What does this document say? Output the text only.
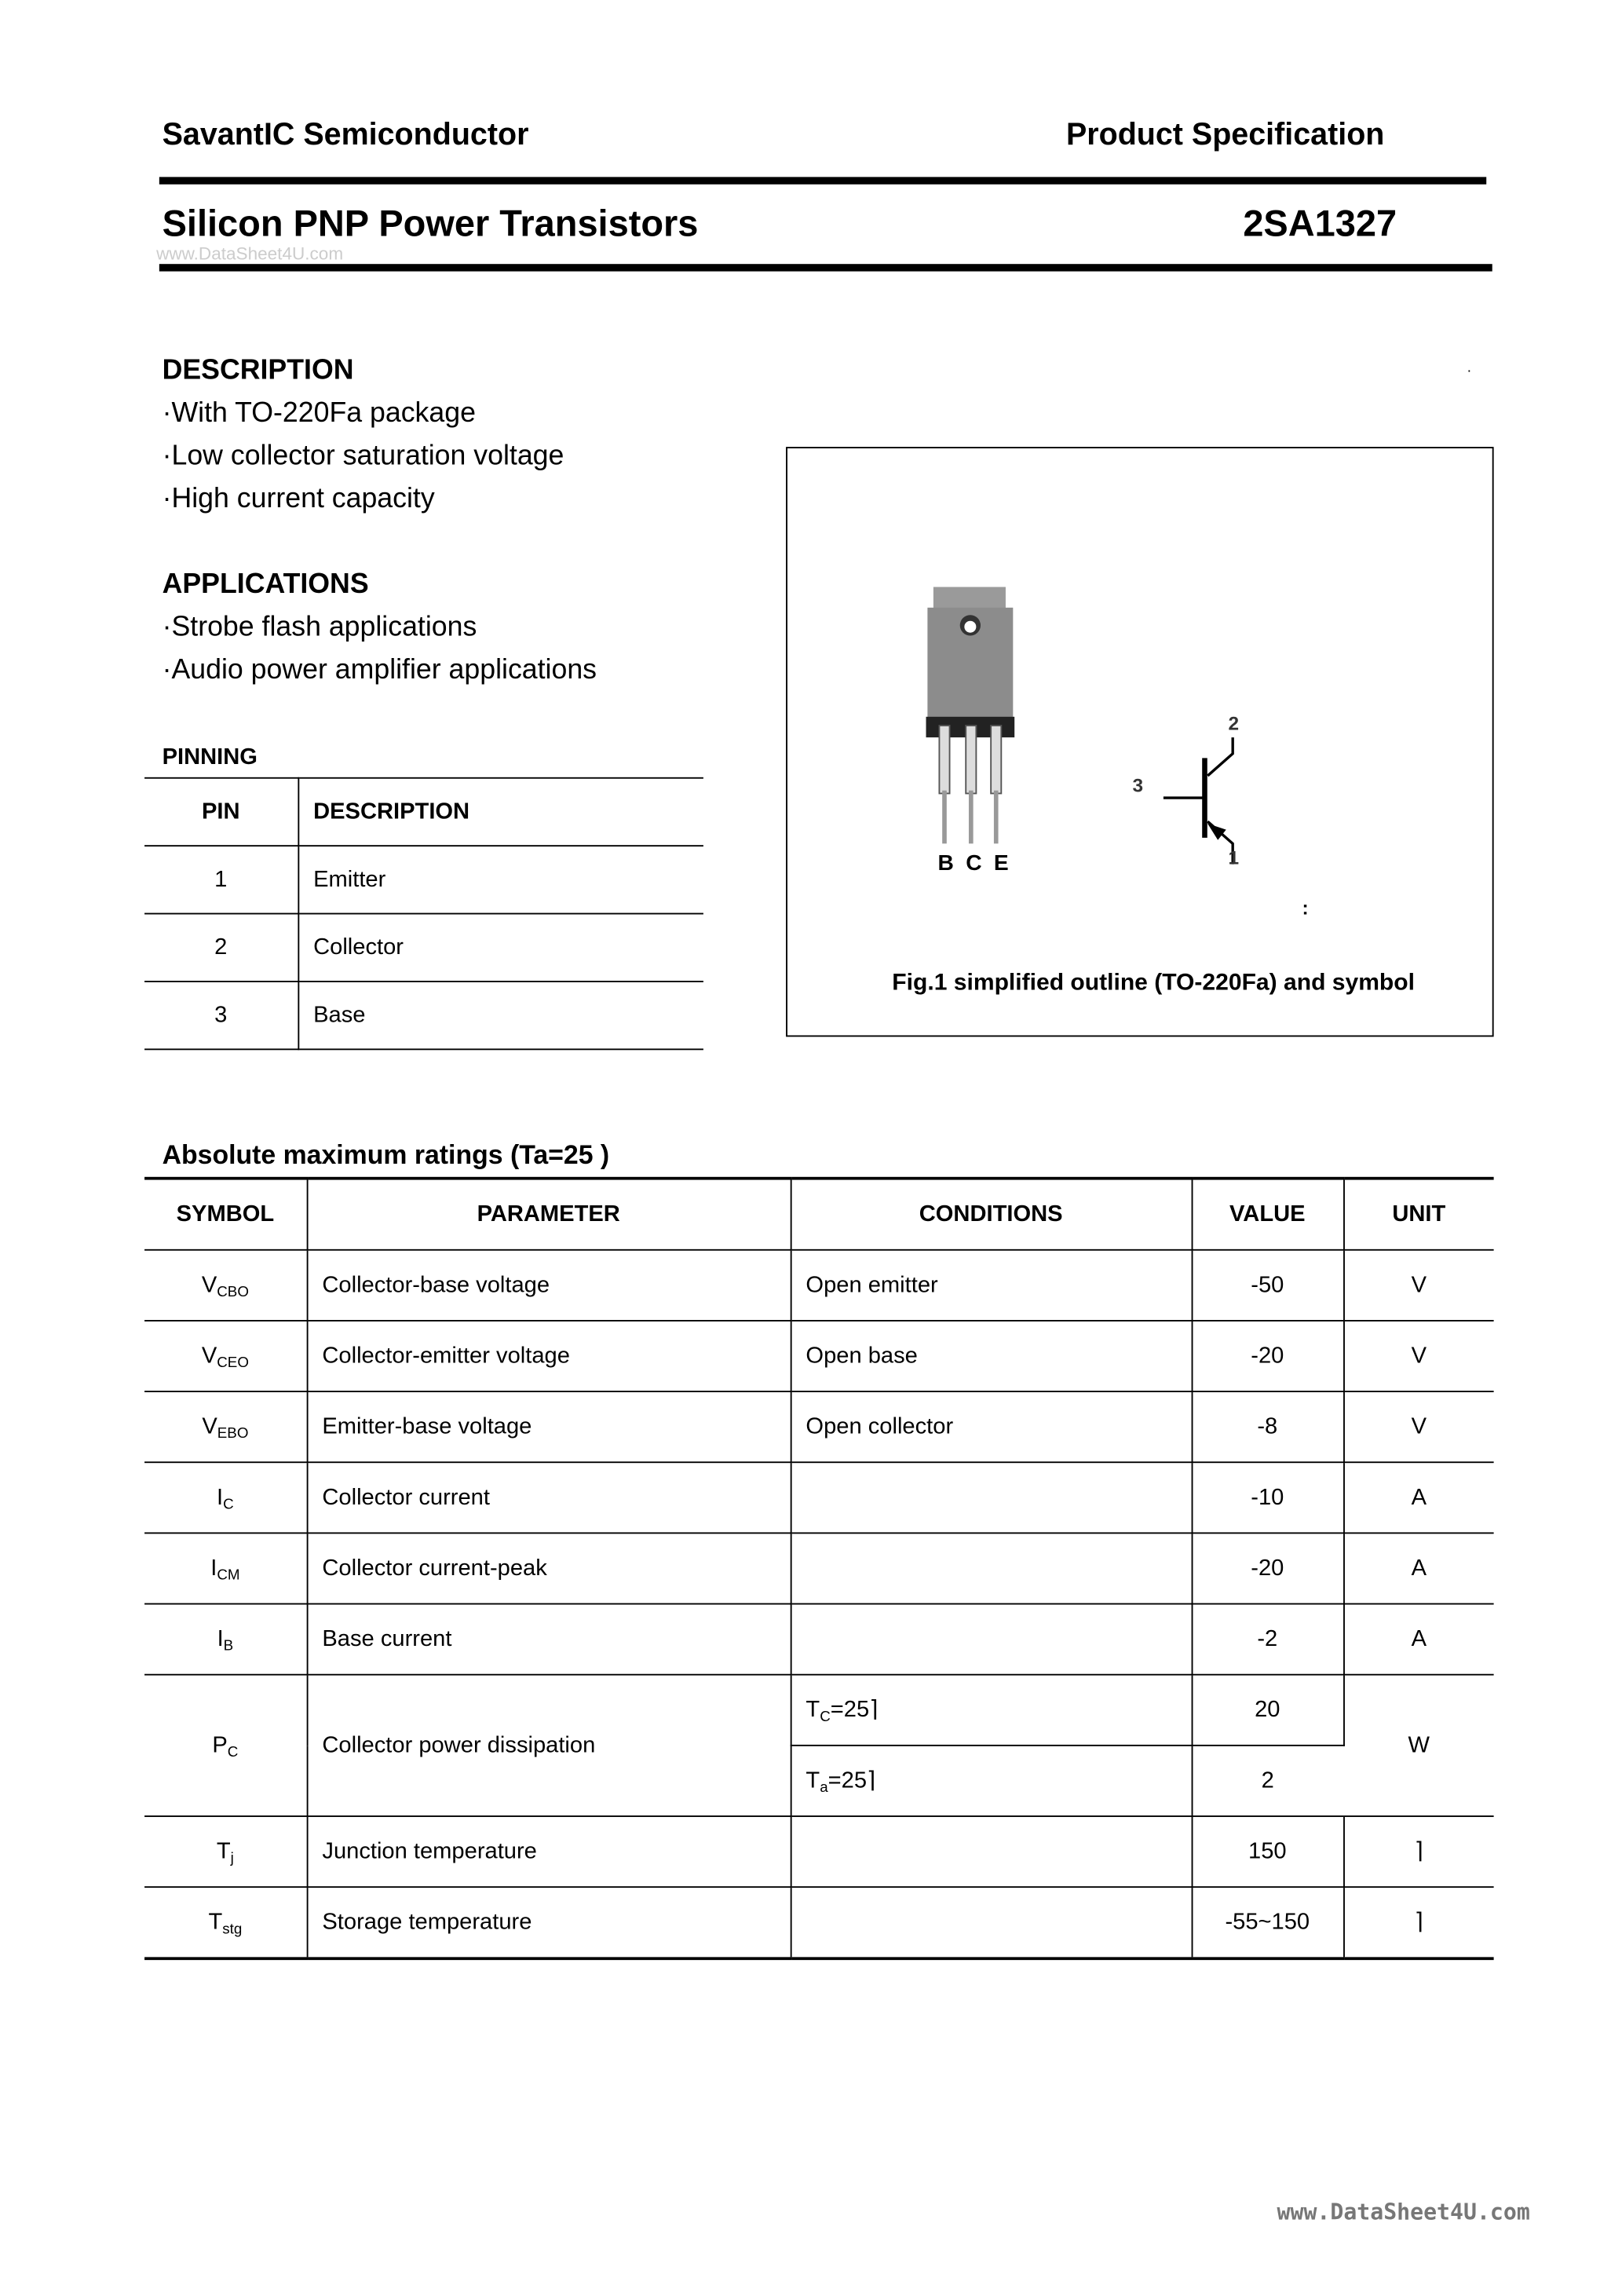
SavantIC Semiconductor	Product Specification
Silicon PNP Power Transistors	2SA1327
www.DataSheet4U.com
DESCRIPTION
·With TO-220Fa package
·Low collector saturation voltage
·High current capacity
.
APPLICATIONS
·Strobe flash applications
·Audio power amplifier applications
PINNING
PIN	DESCRIPTION
1	Emitter
2	Collector
3	Base
B C E
3
2
1
:
Fig.1 simplified outline (TO-220Fa) and symbol
Absolute maximum ratings (Ta=25 )
SYMBOL	PARAMETER	CONDITIONS	VALUE	UNIT
$V_{CBO}$	Collector-base voltage	Open emitter	-50	V
$V_{CEO}$	Collector-emitter voltage	Open base	-20	V
$V_{EBO}$	Emitter-base voltage	Open collector	-8	V
$I_C$	Collector current		-10	A
$I_{CM}$	Collector current-peak		-20	A
$I_B$	Base current		-2	A
$P_C$	Collector power dissipation	$T_C=25⌉$	20	W
		$T_a=25⌉$	2	
$T_j$	Junction temperature		150	⌉
$T_{stg}$	Storage temperature		-55~150	⌉
www.DataSheet4U.com
